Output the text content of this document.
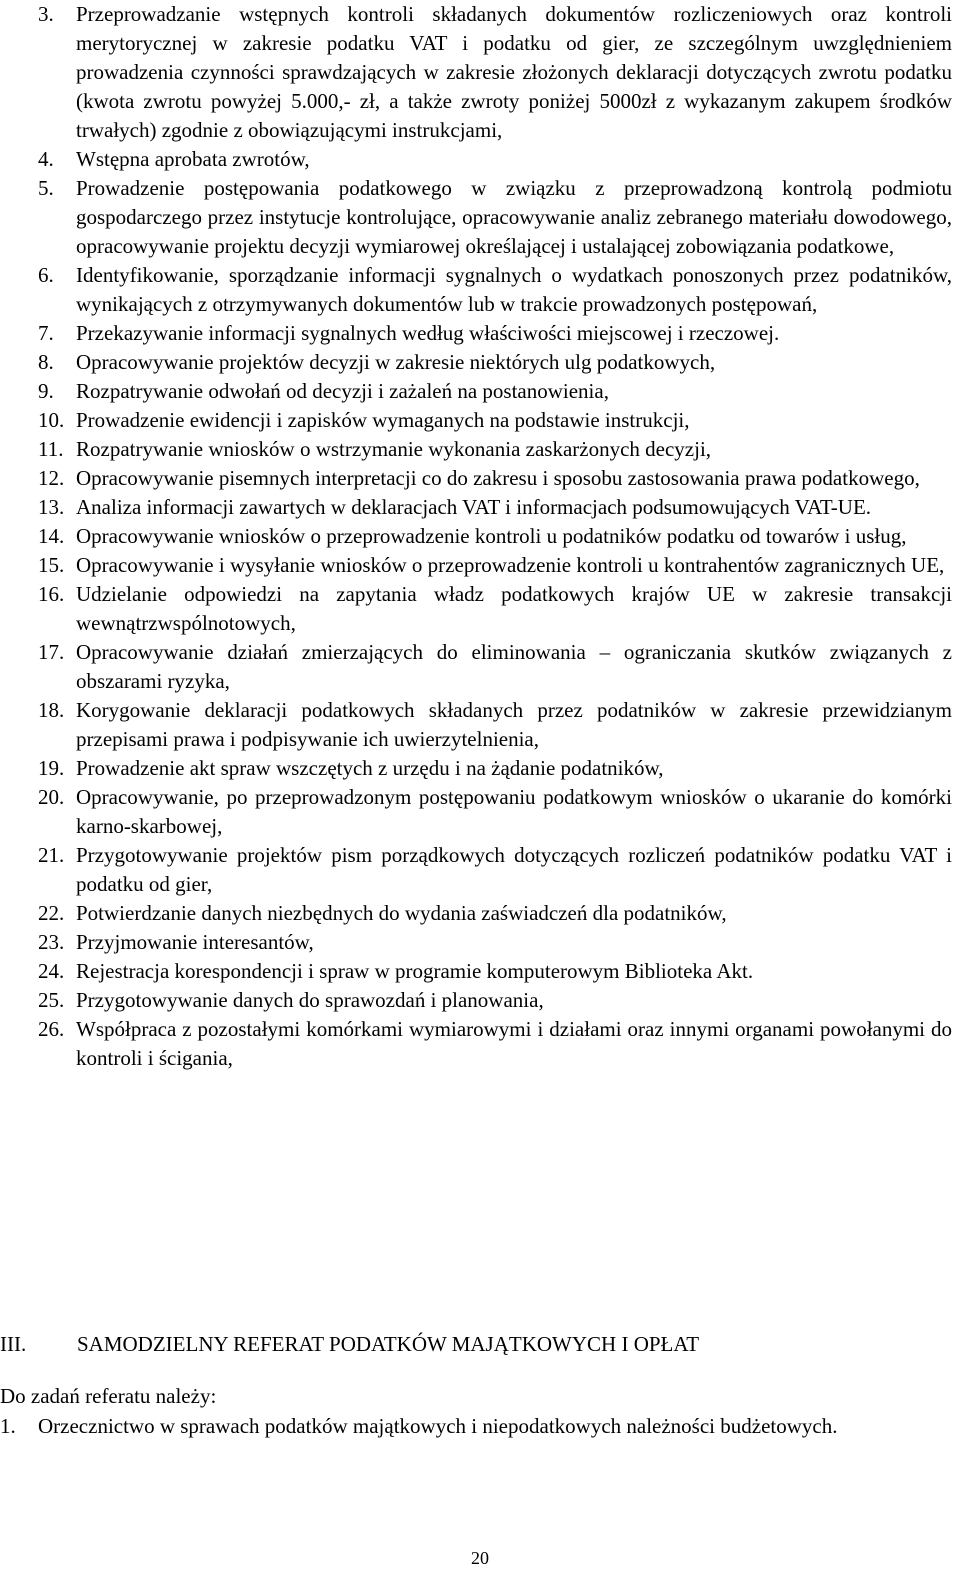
3. Przeprowadzanie wstępnych kontroli składanych dokumentów rozliczeniowych oraz kontroli merytorycznej w zakresie podatku VAT i podatku od gier, ze szczególnym uwzględnieniem prowadzenia czynności sprawdzających w zakresie złożonych deklaracji dotyczących zwrotu podatku (kwota zwrotu powyżej 5.000,- zł, a także zwroty poniżej 5000zł z wykazanym zakupem środków trwałych) zgodnie z obowiązującymi instrukcjami,
4. Wstępna aprobata zwrotów,
5. Prowadzenie postępowania podatkowego w związku z przeprowadzoną kontrolą podmiotu gospodarczego przez instytucje kontrolujące, opracowywanie analiz zebranego materiału dowodowego, opracowywanie projektu decyzji wymiarowej określającej i ustalającej zobowiązania podatkowe,
6. Identyfikowanie, sporządzanie informacji sygnalnych o wydatkach ponoszonych przez podatników, wynikających z otrzymywanych dokumentów lub w trakcie prowadzonych postępowań,
7. Przekazywanie informacji sygnalnych według właściwości miejscowej i rzeczowej.
8. Opracowywanie projektów decyzji w zakresie niektórych ulg podatkowych,
9. Rozpatrywanie odwołań od decyzji i zażaleń na postanowienia,
10. Prowadzenie ewidencji i zapisków wymaganych na podstawie instrukcji,
11. Rozpatrywanie wniosków o wstrzymanie wykonania zaskarżonych decyzji,
12. Opracowywanie pisemnych interpretacji co do zakresu i sposobu zastosowania prawa podatkowego,
13. Analiza informacji zawartych w deklaracjach VAT i informacjach podsumowujących VAT-UE.
14. Opracowywanie wniosków o przeprowadzenie kontroli u podatników podatku od towarów i usług,
15. Opracowywanie i wysyłanie wniosków o przeprowadzenie kontroli u kontrahentów zagranicznych UE,
16. Udzielanie odpowiedzi na zapytania władz podatkowych krajów UE w zakresie transakcji wewnątrzwspólnotowych,
17. Opracowywanie działań zmierzających do eliminowania – ograniczania skutków związanych z obszarami ryzyka,
18. Korygowanie deklaracji podatkowych składanych przez podatników w zakresie przewidzianym przepisami prawa i podpisywanie ich uwierzytelnienia,
19. Prowadzenie akt spraw wszczętych z urzędu i na żądanie podatników,
20. Opracowywanie, po przeprowadzonym postępowaniu podatkowym wniosków o ukaranie do komórki karno-skarbowej,
21. Przygotowywanie projektów pism porządkowych dotyczących rozliczeń podatników podatku VAT i podatku od gier,
22. Potwierdzanie danych niezbędnych do wydania zaświadczeń dla podatników,
23. Przyjmowanie interesantów,
24. Rejestracja korespondencji i spraw w programie komputerowym Biblioteka Akt.
25. Przygotowywanie danych do sprawozdań i planowania,
26. Współpraca z pozostałymi komórkami wymiarowymi i działami oraz innymi organami powołanymi do kontroli i ścigania,
III. SAMODZIELNY REFERAT PODATKÓW MAJĄTKOWYCH I OPŁAT
Do zadań referatu należy:
1. Orzecznictwo w sprawach podatków majątkowych i niepodatkowych należności budżetowych.
20
